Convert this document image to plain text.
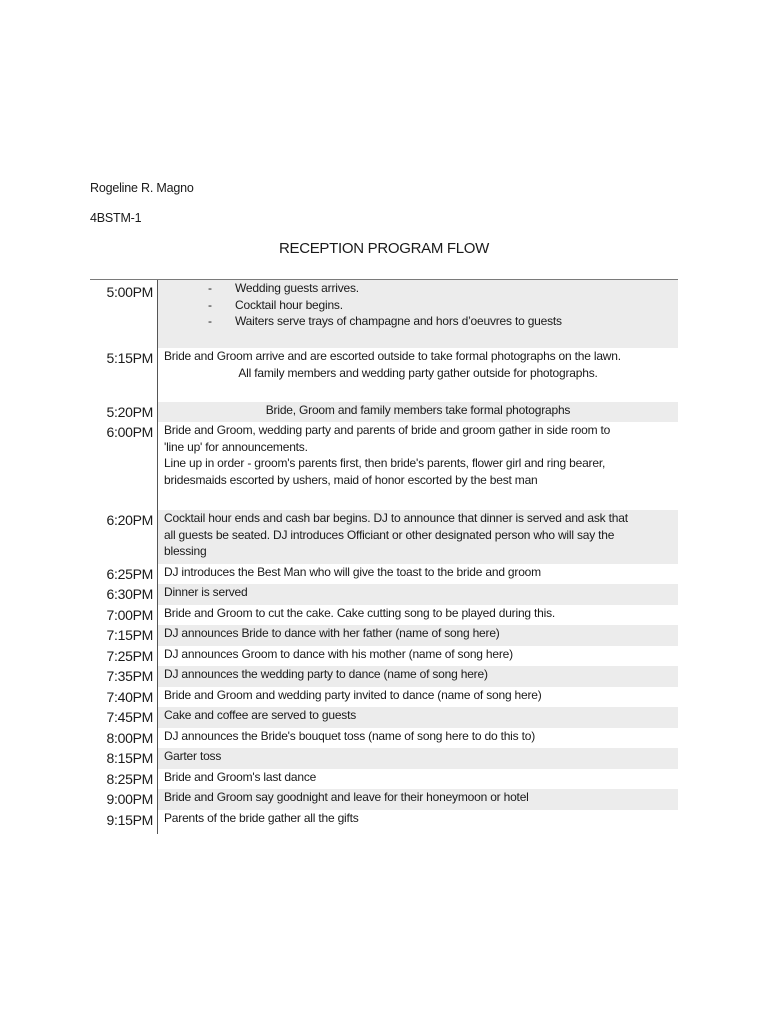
Rogeline R. Magno
4BSTM-1
RECEPTION PROGRAM FLOW
5:00PM	- Wedding guests arrives.
- Cocktail hour begins.
- Waiters serve trays of champagne and hors d’oeuvres to guests
5:15PM Bride and Groom arrive and are escorted outside to take formal photographs on the lawn.
All family members and wedding party gather outside for photographs.
5:20PM	Bride, Groom and family members take formal photographs
6:00PM Bride and Groom, wedding party and parents of bride and groom gather in side room to
'line up' for announcements.
Line up in order - groom's parents first, then bride's parents, flower girl and ring bearer,
bridesmaids escorted by ushers, maid of honor escorted by the best man
6:20PM Cocktail hour ends and cash bar begins. DJ to announce that dinner is served and ask that
all guests be seated. DJ introduces Officiant or other designated person who will say the
blessing
6:25PM DJ introduces the Best Man who will give the toast to the bride and groom
6:30PM Dinner is served
7:00PM Bride and Groom to cut the cake. Cake cutting song to be played during this.
7:15PM DJ announces Bride to dance with her father (name of song here)
7:25PM DJ announces Groom to dance with his mother (name of song here)
7:35PM DJ announces the wedding party to dance (name of song here)
7:40PM Bride and Groom and wedding party invited to dance (name of song here)
7:45PM Cake and coffee are served to guests
8:00PM DJ announces the Bride's bouquet toss (name of song here to do this to)
8:15PM Garter toss
8:25PM Bride and Groom's last dance
9:00PM Bride and Groom say goodnight and leave for their honeymoon or hotel
9:15PM Parents of the bride gather all the gifts
